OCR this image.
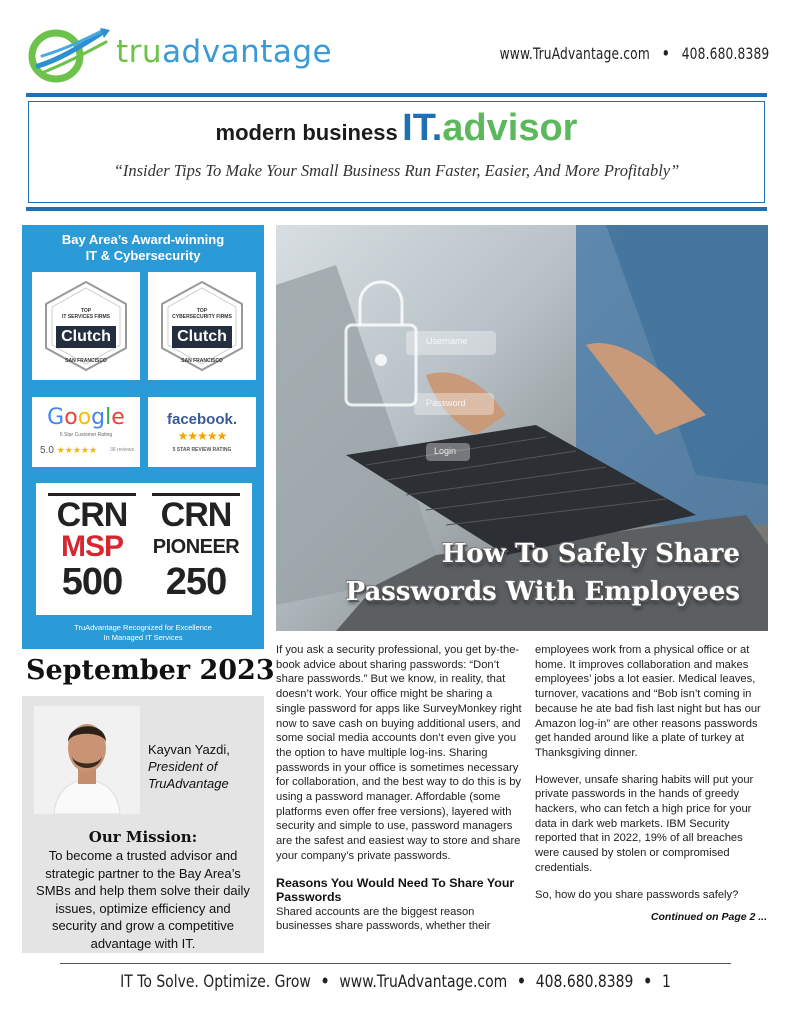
truadvantage	www.TruAdvantage.com • 408.680.8389
modern business IT.advisor
“Insider Tips To Make Your Small Business Run Faster, Easier, And More Profitably”
Bay Area’s Award-winning
IT & Cybersecurity
TOP
IT SERVICES FIRMS
Clutch
SAN FRANCISCO
TOP
CYBERSECURITY FIRMS
Clutch
SAN FRANCISCO
Google
5 Star Customer Rating
5.0 ★★★★★	36 reviews
facebook.
★★★★★
5 STAR REVIEW RATING
CRN
MSP
500
CRN
PIONEER
250
TruAdvantage Recognized for Excellence
In Managed IT Services
Username
Password
Login
How To Safely Share
Passwords With Employees
September 2023
Kayvan Yazdi,
President of
TruAdvantage
Our Mission:
To become a trusted advisor and strategic partner to the Bay Area’s SMBs and help them solve their daily issues, optimize efficiency and security and grow a competitive advantage with IT.

If you ask a security professional, you get by-the-book advice about sharing passwords: “Don’t share passwords.” But we know, in reality, that doesn’t work. Your office might be sharing a single password for apps like SurveyMonkey right now to save cash on buying additional users, and some social media accounts don’t even give you the option to have multiple log-ins. Sharing passwords in your office is sometimes necessary for collaboration, and the best way to do this is by using a password manager. Affordable (some platforms even offer free versions), layered with security and simple to use, password managers are the safest and easiest way to store and share your company’s private passwords.

Reasons You Would Need To Share Your Passwords

Shared accounts are the biggest reason businesses share passwords, whether their

employees work from a physical office or at home. It improves collaboration and makes employees’ jobs a lot easier. Medical leaves, turnover, vacations and “Bob isn’t coming in because he ate bad fish last night but has our Amazon log-in” are other reasons passwords get handed around like a plate of turkey at Thanksgiving dinner.

However, unsafe sharing habits will put your private passwords in the hands of greedy hackers, who can fetch a high price for your data in dark web markets. IBM Security reported that in 2022, 19% of all breaches were caused by stolen or compromised credentials.

So, how do you share passwords safely?

Continued on Page 2 ...
IT To Solve. Optimize. Grow • www.TruAdvantage.com • 408.680.8389 • 1
